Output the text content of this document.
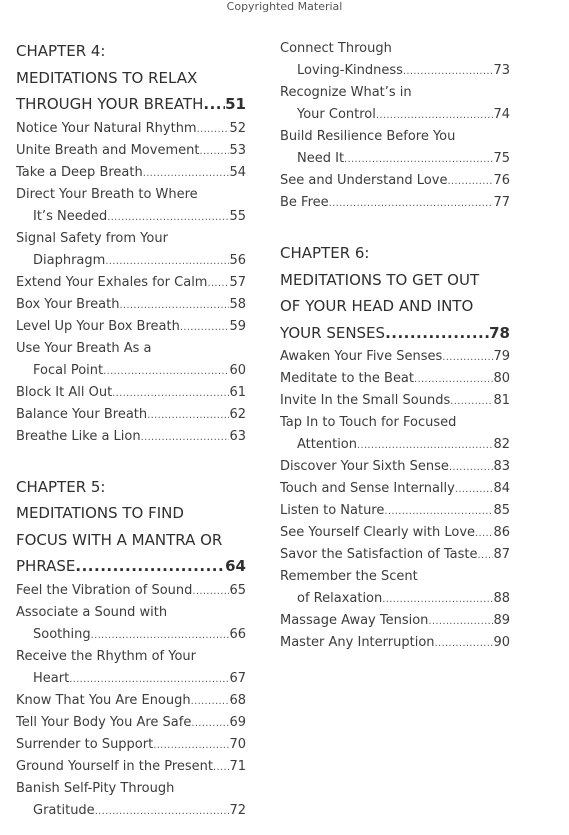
Copyrighted Material
CHAPTER 4:
MEDITATIONS TO RELAX
THROUGH YOUR BREATH ..... 51
Notice Your Natural Rhythm .....	52
Unite Breath and Movement ..... 53
Take a Deep Breath .....	54
Direct Your Breath to Where
It’s Needed .....	55
Signal Safety from Your
Diaphragm .....	56
Extend Your Exhales for Calm ..... 57
Box Your Breath .....	58
Level Up Your Box Breath .....	59
Use Your Breath As a
Focal Point .....	60
Block It All Out .....	61
Balance Your Breath .....	62
Breathe Like a Lion .....	63
CHAPTER 5:
MEDITATIONS TO FIND
FOCUS WITH A MANTRA OR
PHRASE .....	64
Feel the Vibration of Sound .....	65
Associate a Sound with
Soothing .....	66
Receive the Rhythm of Your
Heart .....	67
Know That You Are Enough .....	68
Tell Your Body You Are Safe .....	69
Surrender to Support .....	70
Ground Yourself in the Present ..... 71
Banish Self-Pity Through
Gratitude .....	72
Connect Through
Loving-Kindness .....	73
Recognize What’s in
Your Control .....	74
Build Resilience Before You
Need It .....	75
See and Understand Love .....	76
Be Free .....	77
CHAPTER 6:
MEDITATIONS TO GET OUT
OF YOUR HEAD AND INTO
YOUR SENSES .....	78
Awaken Your Five Senses .....	79
Meditate to the Beat .....	80
Invite In the Small Sounds .....	81
Tap In to Touch for Focused
Attention .....	82
Discover Your Sixth Sense .....	83
Touch and Sense Internally .....	84
Listen to Nature .....	85
See Yourself Clearly with Love ..... 86
Savor the Satisfaction of Taste ..... 87
Remember the Scent
of Relaxation .....	88
Massage Away Tension .....	89
Master Any Interruption .....	90
